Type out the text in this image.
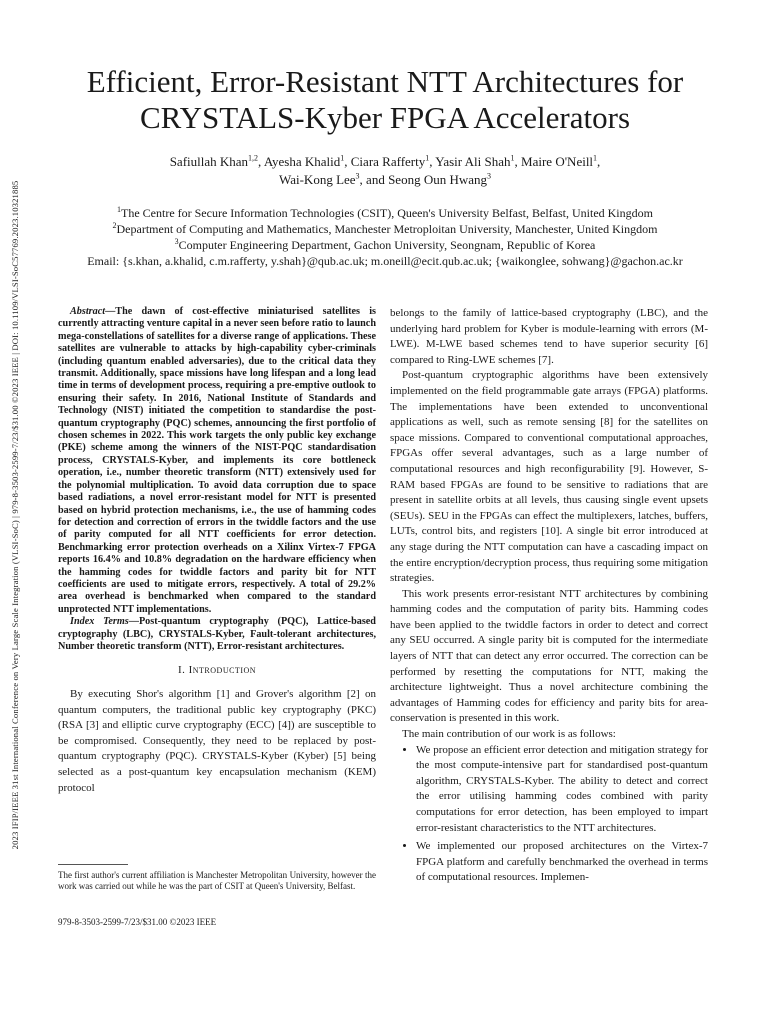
2023 IFIP/IEEE 31st International Conference on Very Large Scale Integration (VLSI-SoC) | 979-8-3503-2599-7/23/$31.00 ©2023 IEEE | DOI: 10.1109/VLSI-SoC57769.2023.10321885
Efficient, Error-Resistant NTT Architectures for CRYSTALS-Kyber FPGA Accelerators
Safiullah Khan$^{1,2}$, Ayesha Khalid$^1$, Ciara Rafferty$^1$, Yasir Ali Shah$^1$, Maire O'Neill$^1$,
Wai-Kong Lee$^3$, and Seong Oun Hwang$^3$
$^1$The Centre for Secure Information Technologies (CSIT), Queen's University Belfast, Belfast, United Kingdom
$^2$Department of Computing and Mathematics, Manchester Metroploitan University, Manchester, United Kingdom
$^3$Computer Engineering Department, Gachon University, Seongnam, Republic of Korea
Email: {s.khan, a.khalid, c.m.rafferty, y.shah}@qub.ac.uk; m.oneill@ecit.qub.ac.uk; {waikonglee, sohwang}@gachon.ac.kr

Abstract—The dawn of cost-effective miniaturised satellites is currently attracting venture capital in a never seen before ratio to launch mega-constellations of satellites for a diverse range of applications. These satellites are vulnerable to attacks by high-capability cyber-criminals (including quantum enabled adversaries), due to the critical data they transmit. Additionally, space missions have long lifespan and a long lead time in terms of development process, requiring a pre-emptive outlook to ensuring their safety. In 2016, National Institute of Standards and Technology (NIST) initiated the competition to standardise the post-quantum cryptography (PQC) schemes, announcing the first portfolio of chosen schemes in 2022. This work targets the only public key exchange (PKE) scheme among the winners of the NIST-PQC standardisation process, CRYSTALS-Kyber, and implements its core bottleneck operation, i.e., number theoretic transform (NTT) extensively used for the polynomial multiplication. To avoid data corruption due to space based radiations, a novel error-resistant model for NTT is presented based on hybrid protection mechanisms, i.e., the use of hamming codes for detection and correction of errors in the twiddle factors and the use of parity computed for all NTT coefficients for error detection. Benchmarking error protection overheads on a Xilinx Virtex-7 FPGA reports 16.4% and 10.8% degradation on the hardware efficiency when the hamming codes for twiddle factors and parity bit for NTT coefficients are used to mitigate errors, respectively. A total of 29.2% area overhead is benchmarked when compared to the standard unprotected NTT implementations.

Index Terms—Post-quantum cryptography (PQC), Lattice-based cryptography (LBC), CRYSTALS-Kyber, Fault-tolerant architectures, Number theoretic transform (NTT), Error-resistant architectures.

I. Introduction

By executing Shor's algorithm [1] and Grover's algorithm [2] on quantum computers, the traditional public key cryptography (PKC) (RSA [3] and elliptic curve cryptography (ECC) [4]) are susceptible to be compromised. Consequently, they need to be replaced by post-quantum cryptography (PQC). CRYSTALS-Kyber (Kyber) [5] being selected as a post-quantum key encapsulation mechanism (KEM) protocol

The first author's current affiliation is Manchester Metropolitan University, however the work was carried out while he was the part of CSIT at Queen's University, Belfast.
979-8-3503-2599-7/23/$31.00 ©2023 IEEE

belongs to the family of lattice-based cryptography (LBC), and the underlying hard problem for Kyber is module-learning with errors (M-LWE). M-LWE based schemes tend to have superior security [6] compared to Ring-LWE schemes [7].

Post-quantum cryptographic algorithms have been extensively implemented on the field programmable gate arrays (FPGA) platforms. The implementations have been extended to unconventional applications as well, such as remote sensing [8] for the satellites on space missions. Compared to conventional computational approaches, FPGAs offer several advantages, such as a large number of computational resources and high reconfigurability [9]. However, S-RAM based FPGAs are found to be sensitive to radiations that are present in satellite orbits at all levels, thus causing single event upsets (SEUs). SEU in the FPGAs can effect the multiplexers, latches, buffers, LUTs, control bits, and registers [10]. A single bit error introduced at any stage during the NTT computation can have a cascading impact on the entire encryption/decryption process, thus requiring some mitigation strategies.

This work presents error-resistant NTT architectures by combining hamming codes and the computation of parity bits. Hamming codes have been applied to the twiddle factors in order to detect and correct any SEU occurred. A single parity bit is computed for the intermediate layers of NTT that can detect any error occurred. The correction can be performed by resetting the computations for NTT, making the architecture lightweight. Thus a novel architecture combining the advantages of Hamming codes for efficiency and parity bits for area-conservation is presented in this work.

The main contribution of our work is as follows:

• We propose an efficient error detection and mitigation strategy for the most compute-intensive part for standardised post-quantum algorithm, CRYSTALS-Kyber. The ability to detect and correct the error utilising hamming codes combined with parity computations for error detection, has been employed to impart error-resistant characteristics to the NTT architectures.
• We implemented our proposed architectures on the Virtex-7 FPGA platform and carefully benchmarked the overhead in terms of computational resources. Implemen-
